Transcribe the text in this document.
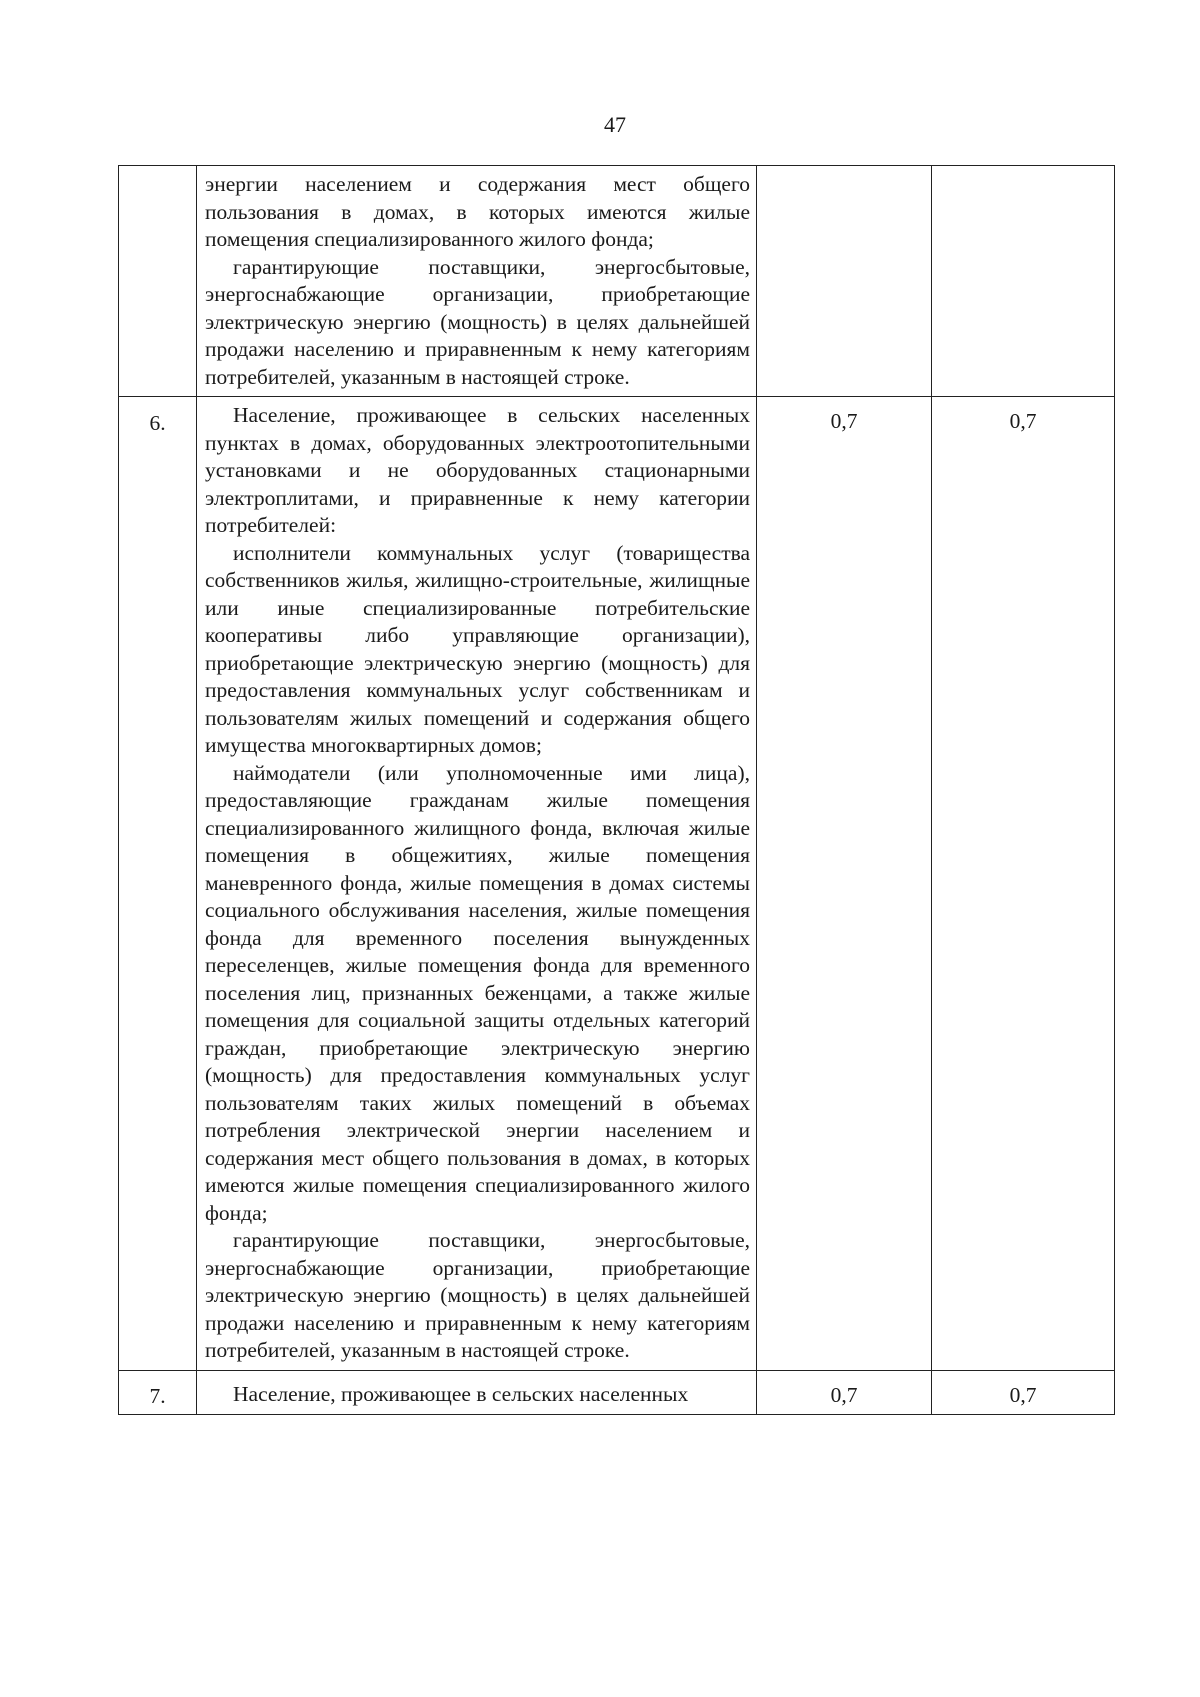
47

	энергии населением и содержания мест общего пользования в домах, в которых имеются жилые помещения специализированного жилого фонда;

гарантирующие поставщики, энергосбытовые, энергоснабжающие организации, приобретающие электрическую энергию (мощность) в целях дальнейшей продажи населению и приравненным к нему категориям потребителей, указанным в настоящей строке.		

6.	Население, проживающее в сельских населенных пунктах в домах, оборудованных электроотопительными установками и не оборудованных стационарными электроплитами, и приравненные к нему категории потребителей:

исполнители коммунальных услуг (товарищества собственников жилья, жилищно-строительные, жилищные или иные специализированные потребительские кооперативы либо управляющие организации), приобретающие электрическую энергию (мощность) для предоставления коммунальных услуг собственникам и пользователям жилых помещений и содержания общего имущества многоквартирных домов;

наймодатели (или уполномоченные ими лица), предоставляющие гражданам жилые помещения специализированного жилищного фонда, включая жилые помещения в общежитиях, жилые помещения маневренного фонда, жилые помещения в домах системы социального обслуживания населения, жилые помещения фонда для временного поселения вынужденных переселенцев, жилые помещения фонда для временного поселения лиц, признанных беженцами, а также жилые помещения для социальной защиты отдельных категорий граждан, приобретающие электрическую энергию (мощность) для предоставления коммунальных услуг пользователям таких жилых помещений в объемах потребления электрической энергии населением и содержания мест общего пользования в домах, в которых имеются жилые помещения специализированного жилого фонда;

гарантирующие поставщики, энергосбытовые, энергоснабжающие организации, приобретающие электрическую энергию (мощность) в целях дальнейшей продажи населению и приравненным к нему категориям потребителей, указанным в настоящей строке.	0,7	0,7
7.	Население, проживающее в сельских населенных	0,7	0,7
